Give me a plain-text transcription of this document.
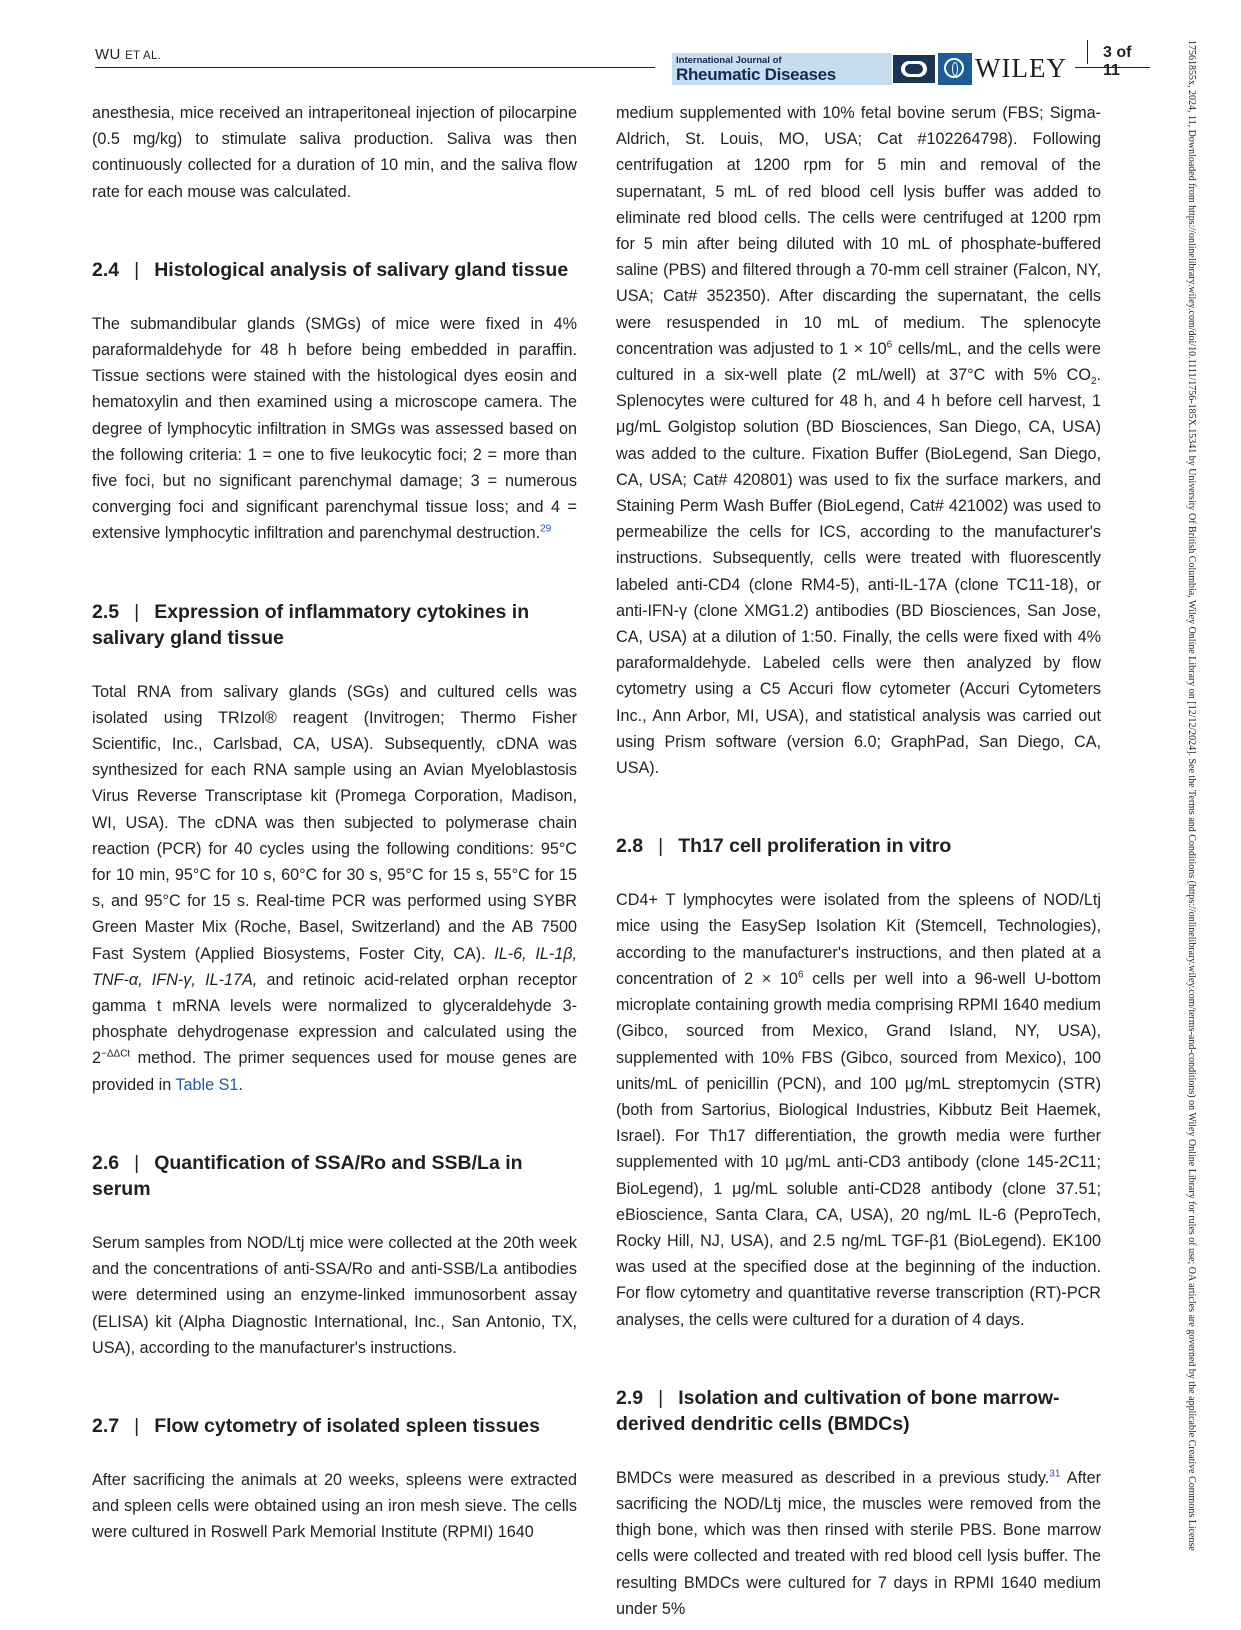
WU ET AL.	International Journal of
Rheumatic Diseases	WILEY
3 of 11	17561855x, 2024, 11, Downloaded from https://onlinelibrary.wiley.com/doi/10.1111/1756-185X.15341 by University Of British Columbia, Wiley Online Library on [12/12/2024]. See the Terms and Conditions (https://onlinelibrary.wiley.com/terms-and-conditions) on Wiley Online Library for rules of use; OA articles are governed by the applicable Creative Commons License

anesthesia, mice received an intraperitoneal injection of pilocarpine (0.5 mg/kg) to stimulate saliva production. Saliva was then continuously collected for a duration of 10 min, and the saliva flow rate for each mouse was calculated.

2.4 | Histological analysis of salivary gland tissue

The submandibular glands (SMGs) of mice were fixed in 4% paraformaldehyde for 48 h before being embedded in paraffin. Tissue sections were stained with the histological dyes eosin and hematoxylin and then examined using a microscope camera. The degree of lymphocytic infiltration in SMGs was assessed based on the following criteria: 1 = one to five leukocytic foci; 2 = more than five foci, but no significant parenchymal damage; 3 = numerous converging foci and significant parenchymal tissue loss; and 4 = extensive lymphocytic infiltration and parenchymal destruction.$^{29}$

2.5 | Expression of inflammatory cytokines in salivary gland tissue

Total RNA from salivary glands (SGs) and cultured cells was isolated using TRIzol® reagent (Invitrogen; Thermo Fisher Scientific, Inc., Carlsbad, CA, USA). Subsequently, cDNA was synthesized for each RNA sample using an Avian Myeloblastosis Virus Reverse Transcriptase kit (Promega Corporation, Madison, WI, USA). The cDNA was then subjected to polymerase chain reaction (PCR) for 40 cycles using the following conditions: 95°C for 10 min, 95°C for 10 s, 60°C for 30 s, 95°C for 15 s, 55°C for 15 s, and 95°C for 15 s. Real-time PCR was performed using SYBR Green Master Mix (Roche, Basel, Switzerland) and the AB 7500 Fast System (Applied Biosystems, Foster City, CA). IL-6, IL-1β, TNF-α, IFN-γ, IL-17A, and retinoic acid-related orphan receptor gamma t mRNA levels were normalized to glyceraldehyde 3-phosphate dehydrogenase expression and calculated using the $2^{-\Delta\Delta Ct}$ method. The primer sequences used for mouse genes are provided in Table S1.

2.6 | Quantification of SSA/Ro and SSB/La in serum

Serum samples from NOD/Ltj mice were collected at the 20th week and the concentrations of anti-SSA/Ro and anti-SSB/La antibodies were determined using an enzyme-linked immunosorbent assay (ELISA) kit (Alpha Diagnostic International, Inc., San Antonio, TX, USA), according to the manufacturer's instructions.

2.7 | Flow cytometry of isolated spleen tissues

After sacrificing the animals at 20 weeks, spleens were extracted and spleen cells were obtained using an iron mesh sieve. The cells were cultured in Roswell Park Memorial Institute (RPMI) 1640

medium supplemented with 10% fetal bovine serum (FBS; Sigma-Aldrich, St. Louis, MO, USA; Cat #102264798). Following centrifugation at 1200 rpm for 5 min and removal of the supernatant, 5 mL of red blood cell lysis buffer was added to eliminate red blood cells. The cells were centrifuged at 1200 rpm for 5 min after being diluted with 10 mL of phosphate-buffered saline (PBS) and filtered through a 70-mm cell strainer (Falcon, NY, USA; Cat# 352350). After discarding the supernatant, the cells were resuspended in 10 mL of medium. The splenocyte concentration was adjusted to $1 \times 10^6$ cells/mL, and the cells were cultured in a six-well plate (2 mL/well) at 37°C with 5% $CO_2$. Splenocytes were cultured for 48 h, and 4 h before cell harvest, 1 μg/mL Golgistop solution (BD Biosciences, San Diego, CA, USA) was added to the culture. Fixation Buffer (BioLegend, San Diego, CA, USA; Cat# 420801) was used to fix the surface markers, and Staining Perm Wash Buffer (BioLegend, Cat# 421002) was used to permeabilize the cells for ICS, according to the manufacturer's instructions. Subsequently, cells were treated with fluorescently labeled anti-CD4 (clone RM4-5), anti-IL-17A (clone TC11-18), or anti-IFN-γ (clone XMG1.2) antibodies (BD Biosciences, San Jose, CA, USA) at a dilution of 1:50. Finally, the cells were fixed with 4% paraformaldehyde. Labeled cells were then analyzed by flow cytometry using a C5 Accuri flow cytometer (Accuri Cytometers Inc., Ann Arbor, MI, USA), and statistical analysis was carried out using Prism software (version 6.0; GraphPad, San Diego, CA, USA).

2.8 | Th17 cell proliferation in vitro

CD4+ T lymphocytes were isolated from the spleens of NOD/Ltj mice using the EasySep Isolation Kit (Stemcell, Technologies), according to the manufacturer's instructions, and then plated at a concentration of $2 \times 10^6$ cells per well into a 96-well U-bottom microplate containing growth media comprising RPMI 1640 medium (Gibco, sourced from Mexico, Grand Island, NY, USA), supplemented with 10% FBS (Gibco, sourced from Mexico), 100 units/mL of penicillin (PCN), and 100 μg/mL streptomycin (STR) (both from Sartorius, Biological Industries, Kibbutz Beit Haemek, Israel). For Th17 differentiation, the growth media were further supplemented with 10 μg/mL anti-CD3 antibody (clone 145-2C11; BioLegend), 1 μg/mL soluble anti-CD28 antibody (clone 37.51; eBioscience, Santa Clara, CA, USA), 20 ng/mL IL-6 (PeproTech, Rocky Hill, NJ, USA), and 2.5 ng/mL TGF-β1 (BioLegend). EK100 was used at the specified dose at the beginning of the induction. For flow cytometry and quantitative reverse transcription (RT)-PCR analyses, the cells were cultured for a duration of 4 days.

2.9 | Isolation and cultivation of bone marrow-derived dendritic cells (BMDCs)

BMDCs were measured as described in a previous study.$^{31}$ After sacrificing the NOD/Ltj mice, the muscles were removed from the thigh bone, which was then rinsed with sterile PBS. Bone marrow cells were collected and treated with red blood cell lysis buffer. The resulting BMDCs were cultured for 7 days in RPMI 1640 medium under 5%
